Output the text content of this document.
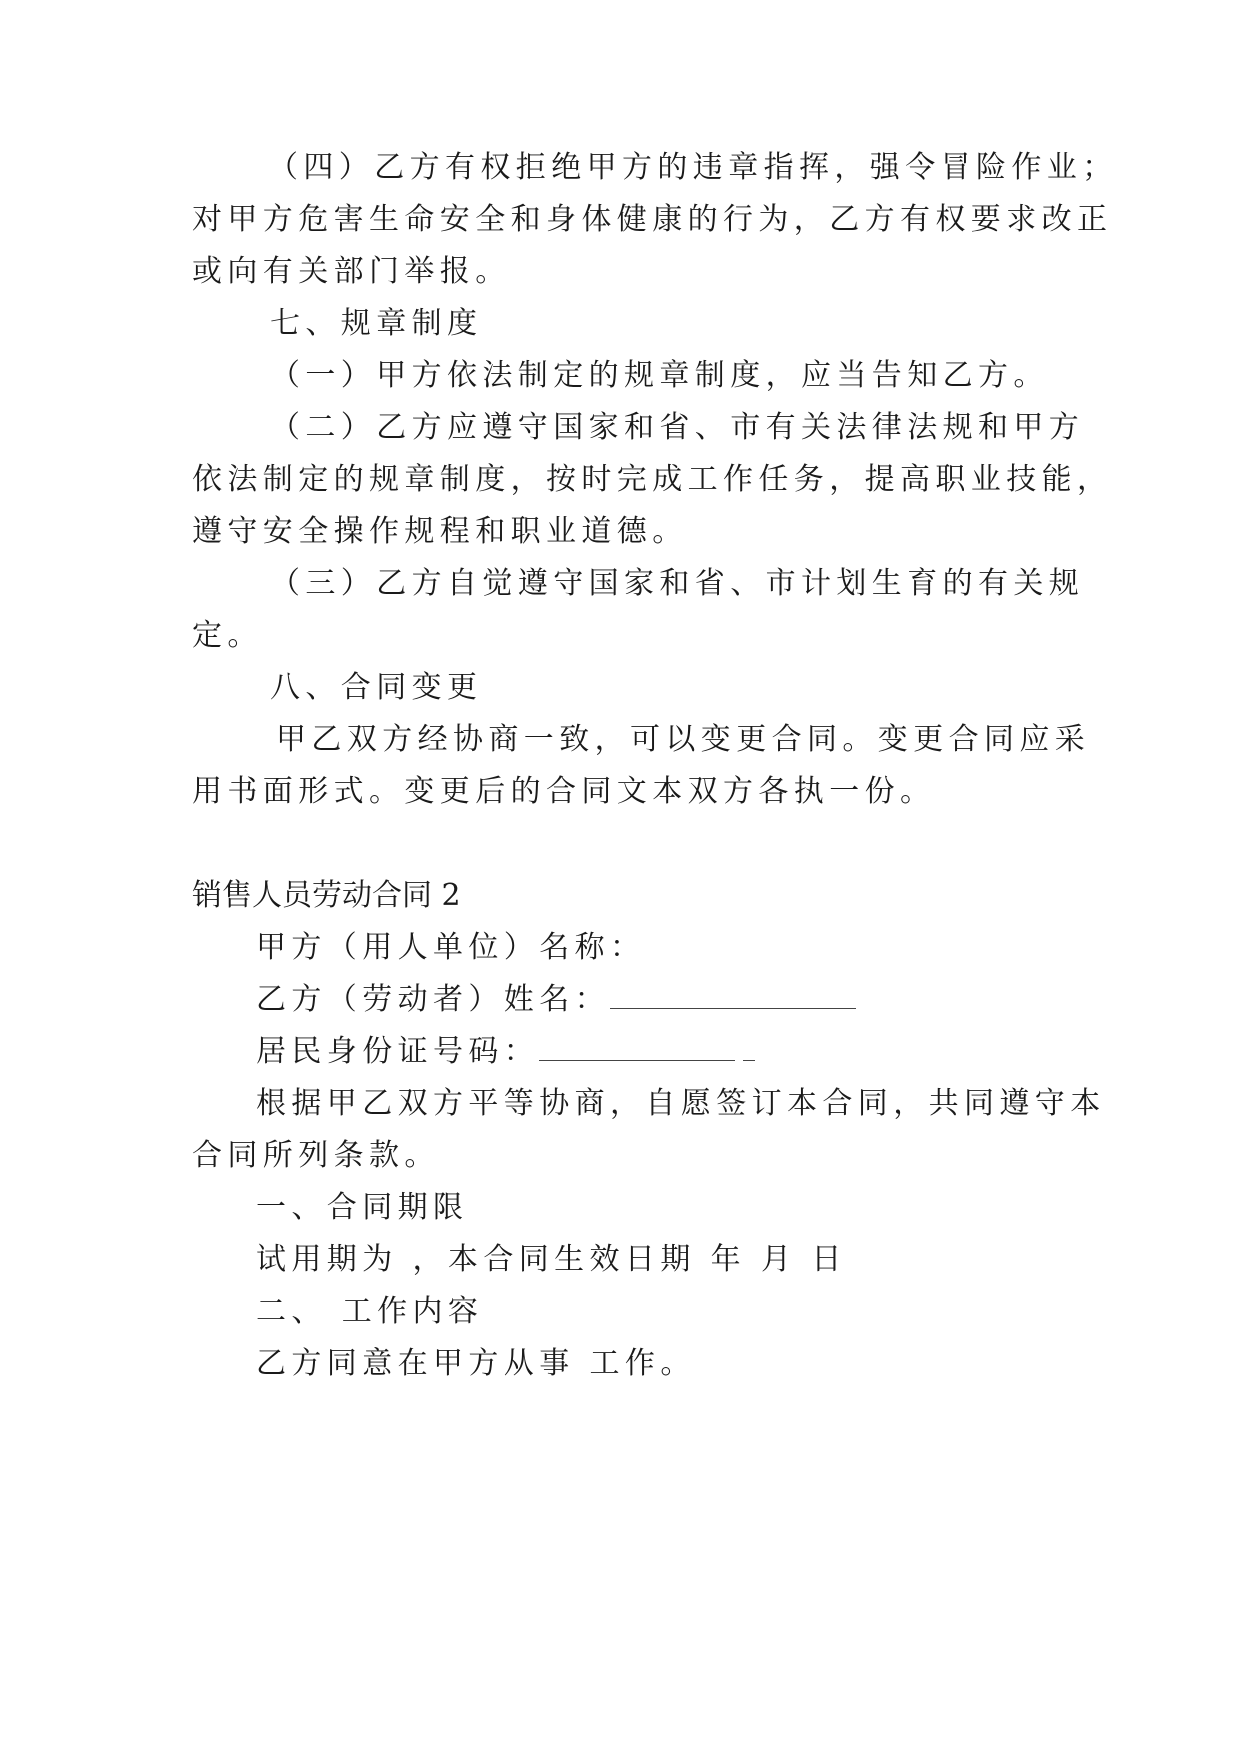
（四）乙方有权拒绝甲方的违章指挥，强令冒险作业；
对甲方危害生命安全和身体健康的行为，乙方有权要求改正
或向有关部门举报。
七、规章制度
（一）甲方依法制定的规章制度，应当告知乙方。
（二）乙方应遵守国家和省、市有关法律法规和甲方
依法制定的规章制度，按时完成工作任务，提高职业技能，
遵守安全操作规程和职业道德。
（三）乙方自觉遵守国家和省、市计划生育的有关规
定。
八、合同变更
甲乙双方经协商一致，可以变更合同。变更合同应采
用书面形式。变更后的合同文本双方各执一份。
销售人员劳动合同 2
甲方（用人单位）名称：
乙方（劳动者）姓名：
居民身份证号码：
根据甲乙双方平等协商，自愿签订本合同，共同遵守本
合同所列条款。
一、合同期限
试用期为 ，本合同生效日期 年 月 日
二、 工作内容
乙方同意在甲方从事 工作。
